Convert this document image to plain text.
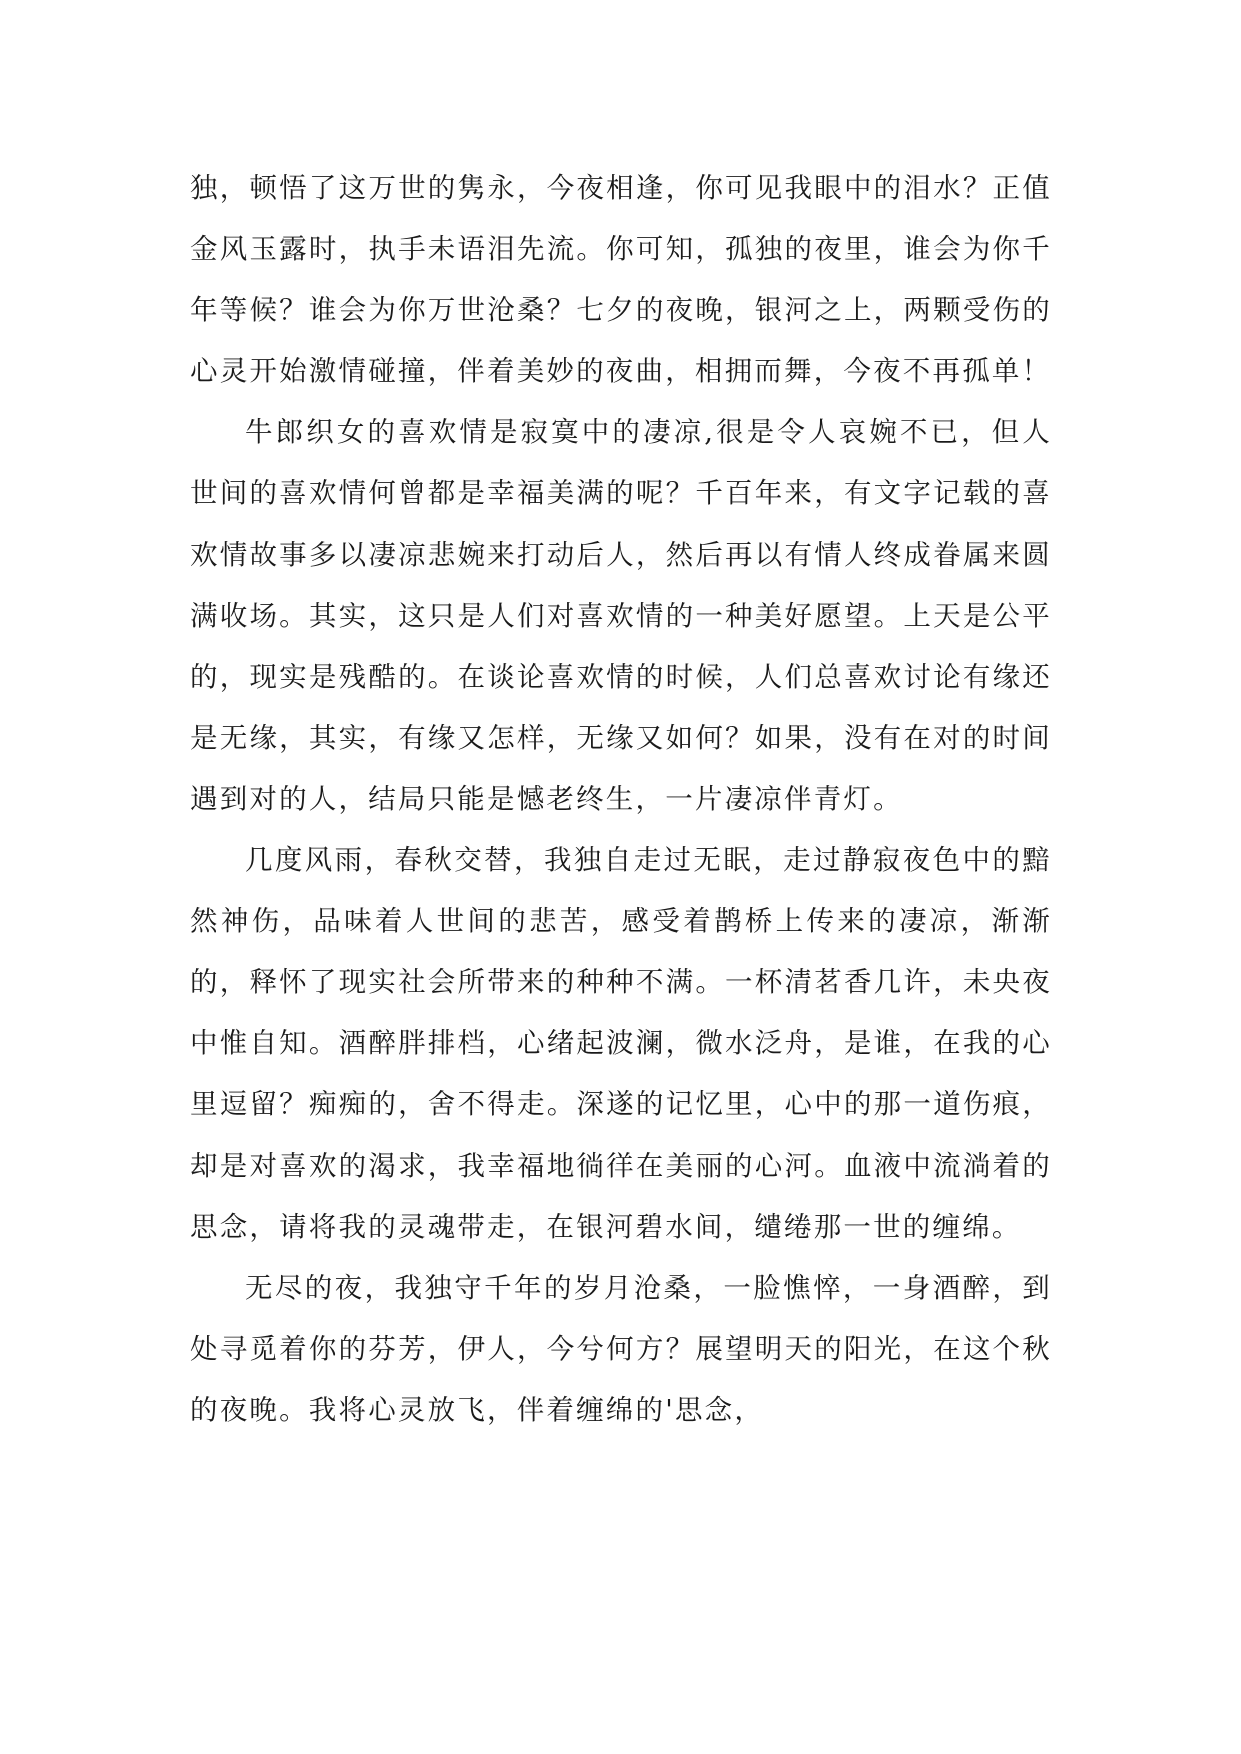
独，顿悟了这万世的隽永，今夜相逢，你可见我眼中的泪水？正值金风玉露时，执手未语泪先流。你可知，孤独的夜里，谁会为你千年等候？谁会为你万世沧桑？七夕的夜晚，银河之上，两颗受伤的心灵开始激情碰撞，伴着美妙的夜曲，相拥而舞，今夜不再孤单！

牛郎织女的喜欢情是寂寞中的凄凉,很是令人哀婉不已，但人世间的喜欢情何曾都是幸福美满的呢？千百年来，有文字记载的喜欢情故事多以凄凉悲婉来打动后人，然后再以有情人终成眷属来圆满收场。其实，这只是人们对喜欢情的一种美好愿望。上天是公平的，现实是残酷的。在谈论喜欢情的时候，人们总喜欢讨论有缘还是无缘，其实，有缘又怎样，无缘又如何？如果，没有在对的时间遇到对的人，结局只能是憾老终生，一片凄凉伴青灯。

几度风雨，春秋交替，我独自走过无眠，走过静寂夜色中的黯然神伤，品味着人世间的悲苦，感受着鹊桥上传来的凄凉，渐渐的，释怀了现实社会所带来的种种不满。一杯清茗香几许，未央夜中惟自知。酒醉胖排档，心绪起波澜，微水泛舟，是谁，在我的心里逗留？痴痴的，舍不得走。深遂的记忆里，心中的那一道伤痕，却是对喜欢的渴求，我幸福地徜徉在美丽的心河。血液中流淌着的思念，请将我的灵魂带走，在银河碧水间，缱绻那一世的缠绵。

无尽的夜，我独守千年的岁月沧桑，一脸憔悴，一身酒醉，到处寻觅着你的芬芳，伊人，今兮何方？展望明天的阳光，在这个秋的夜晚。我将心灵放飞，伴着缠绵的'思念，
